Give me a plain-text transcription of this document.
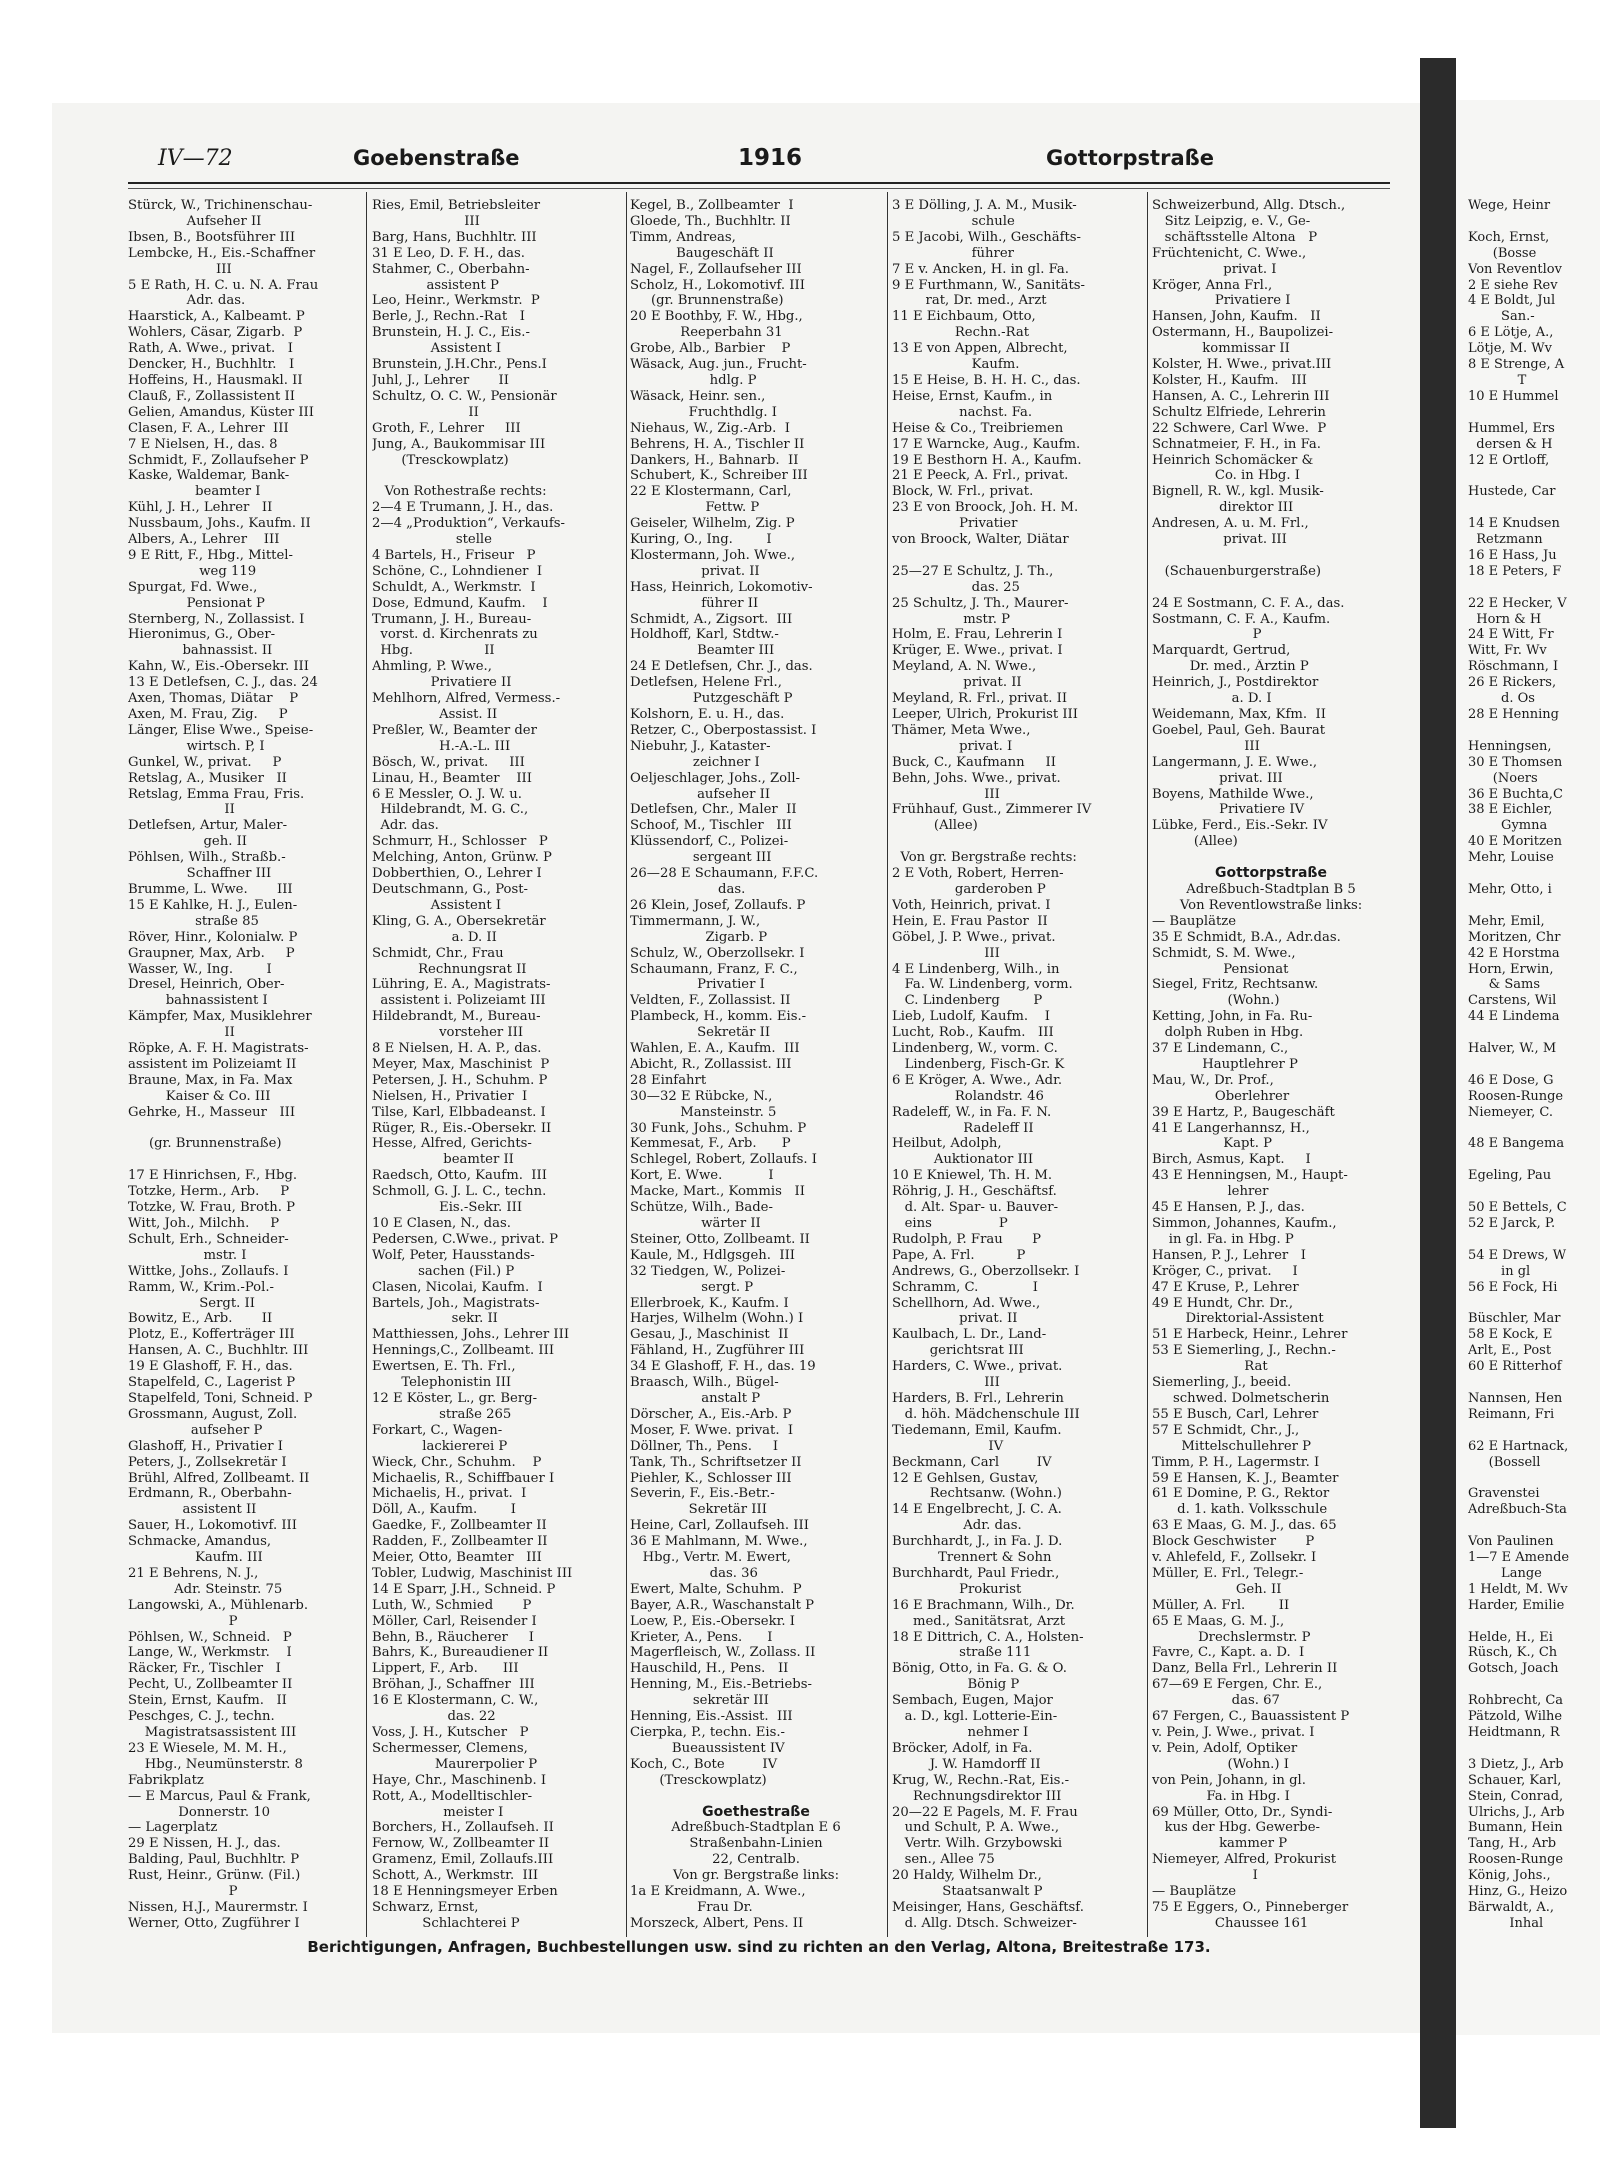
IV—72	Goebenstraße	1916	Gottorpstraße
Stürck, W., Trichinenschau-
Aufseher II
Ibsen, B., Bootsführer III
Lembcke, H., Eis.-Schaffner
III
5 E Rath, H. C. u. N. A. Frau
Adr. das.
Haarstick, A., Kalbeamt. P
Wohlers, Cäsar, Zigarb.  P
Rath, A. Wwe., privat.   I
Dencker, H., Buchhltr.   I
Hoffeins, H., Hausmakl. II
Clauß, F., Zollassistent II
Gelien, Amandus, Küster III
Clasen, F. A., Lehrer  III
7 E Nielsen, H., das. 8
Schmidt, F., Zollaufseher P
Kaske, Waldemar, Bank-
beamter I
Kühl, J. H., Lehrer   II
Nussbaum, Johs., Kaufm. II
Albers, A., Lehrer    III
9 E Ritt, F., Hbg., Mittel-
weg 119
Spurgat, Fd. Wwe.,
Pensionat P
Sternberg, N., Zollassist. I
Hieronimus, G., Ober-
bahnassist. II
Kahn, W., Eis.-Obersekr. III
13 E Detlefsen, C. J., das. 24
Axen, Thomas, Diätar    P
Axen, M. Frau, Zig.     P
Länger, Elise Wwe., Speise-
wirtsch. P, I
Gunkel, W., privat.     P
Retslag, A., Musiker   II
Retslag, Emma Frau, Fris.
II
Detlefsen, Artur, Maler-
geh. II
Pöhlsen, Wilh., Straßb.-
Schaffner III
Brumme, L. Wwe.       III
15 E Kahlke, H. J., Eulen-
straße 85
Röver, Hinr., Kolonialw. P
Graupner, Max, Arb.     P
Wasser, W., Ing.        I
Dresel, Heinrich, Ober-
bahnassistent I
Kämpfer, Max, Musiklehrer
II
Röpke, A. F. H. Magistrats-
assistent im Polizeiamt II
Braune, Max, in Fa. Max
Kaiser & Co. III
Gehrke, H., Masseur   III

(gr. Brunnenstraße)

17 E Hinrichsen, F., Hbg.
Totzke, Herm., Arb.     P
Totzke, W. Frau, Broth. P
Witt, Joh., Milchh.     P
Schult, Erh., Schneider-
mstr. I
Wittke, Johs., Zollaufs. I
Ramm, W., Krim.-Pol.-
Sergt. II
Bowitz, E., Arb.       II
Plotz, E., Kofferträger III
Hansen, A. C., Buchhltr. III
19 E Glashoff, F. H., das.
Stapelfeld, C., Lagerist P
Stapelfeld, Toni, Schneid. P
Grossmann, August, Zoll.
aufseher P
Glashoff, H., Privatier I
Peters, J., Zollsekretär I
Brühl, Alfred, Zollbeamt. II
Erdmann, R., Oberbahn-
assistent II
Sauer, H., Lokomotivf. III
Schmacke, Amandus,
Kaufm. III
21 E Behrens, N. J.,
Adr. Steinstr. 75
Langowski, A., Mühlenarb.
P
Pöhlsen, W., Schneid.   P
Lange, W., Werkmstr.    I
Räcker, Fr., Tischler   I
Pecht, U., Zollbeamter II
Stein, Ernst, Kaufm.   II
Peschges, C. J., techn.
Magistratsassistent III
23 E Wiesele, M. M. H.,
Hbg., Neumünsterstr. 8
Fabrikplatz
— E Marcus, Paul & Frank,
Donnerstr. 10
— Lagerplatz
29 E Nissen, H. J., das.
Balding, Paul, Buchhltr. P
Rust, Heinr., Grünw. (Fil.)
P
Nissen, H.J., Maurermstr. I
Werner, Otto, Zugführer I
Ries, Emil, Betriebsleiter
III
Barg, Hans, Buchhltr. III
31 E Leo, D. F. H., das.
Stahmer, C., Oberbahn-
assistent P
Leo, Heinr., Werkmstr.  P
Berle, J., Rechn.-Rat   I
Brunstein, H. J. C., Eis.-
Assistent I
Brunstein, J.H.Chr., Pens.I
Juhl, J., Lehrer       II
Schultz, O. C. W., Pensionär
II
Groth, F., Lehrer     III
Jung, A., Baukommisar III
(Tresckowplatz)

Von Rothestraße rechts:
2—4 E Trumann, J. H., das.
2—4 „Produktion“, Verkaufs-
stelle
4 Bartels, H., Friseur   P
Schöne, C., Lohndiener  I
Schuldt, A., Werkmstr.  I
Dose, Edmund, Kaufm.    I
Trumann, J. H., Bureau-
vorst. d. Kirchenrats zu
Hbg.                 II
Ahmling, P. Wwe.,
Privatiere II
Mehlhorn, Alfred, Vermess.-
Assist. II
Preßler, W., Beamter der
H.-A.-L. III
Bösch, W., privat.     III
Linau, H., Beamter    III
6 E Messler, O. J. W. u.
Hildebrandt, M. G. C.,
Adr. das.
Schmurr, H., Schlosser   P
Melching, Anton, Grünw. P
Dobberthien, O., Lehrer I
Deutschmann, G., Post-
Assistent I
Kling, G. A., Obersekretär
a. D. II
Schmidt, Chr., Frau
Rechnungsrat II
Lühring, E. A., Magistrats-
assistent i. Polizeiamt III
Hildebrandt, M., Bureau-
vorsteher III
8 E Nielsen, H. A. P., das.
Meyer, Max, Maschinist  P
Petersen, J. H., Schuhm. P
Nielsen, H., Privatier  I
Tilse, Karl, Elbbadeanst. I
Rüger, R., Eis.-Obersekr. II
Hesse, Alfred, Gerichts-
beamter II
Raedsch, Otto, Kaufm.  III
Schmoll, G. J. L. C., techn.
Eis.-Sekr. III
10 E Clasen, N., das.
Pedersen, C.Wwe., privat. P
Wolf, Peter, Hausstands-
sachen (Fil.) P
Clasen, Nicolai, Kaufm.  I
Bartels, Joh., Magistrats-
sekr. II
Matthiessen, Johs., Lehrer III
Hennings,C., Zollbeamt. III
Ewertsen, E. Th. Frl.,
Telephonistin III
12 E Köster, L., gr. Berg-
straße 265
Forkart, C., Wagen-
lackiererei P
Wieck, Chr., Schuhm.    P
Michaelis, R., Schiffbauer I
Michaelis, H., privat.  I
Döll, A., Kaufm.        I
Gaedke, F., Zollbeamter II
Radden, F., Zollbeamter II
Meier, Otto, Beamter   III
Tobler, Ludwig, Maschinist III
14 E Sparr, J.H., Schneid. P
Luth, W., Schmied       P
Möller, Carl, Reisender I
Behn, B., Räucherer     I
Bahrs, K., Bureaudiener II
Lippert, F., Arb.      III
Bröhan, J., Schaffner  III
16 E Klostermann, C. W.,
das. 22
Voss, J. H., Kutscher   P
Schermesser, Clemens,
Maurerpolier P
Haye, Chr., Maschinenb. I
Rott, A., Modelltischler-
meister I
Borchers, H., Zollaufseh. II
Fernow, W., Zollbeamter II
Gramenz, Emil, Zollaufs.III
Schott, A., Werkmstr.  III
18 E Henningsmeyer Erben
Schwarz, Ernst,
Schlachterei P
Kegel, B., Zollbeamter  I
Gloede, Th., Buchhltr. II
Timm, Andreas,
Baugeschäft II
Nagel, F., Zollaufseher III
Scholz, H., Lokomotivf. III
(gr. Brunnenstraße)
20 E Boothby, F. W., Hbg.,
Reeperbahn 31
Grobe, Alb., Barbier    P
Wäsack, Aug. jun., Frucht-
hdlg. P
Wäsack, Heinr. sen.,
Fruchthdlg. I
Niehaus, W., Zig.-Arb.  I
Behrens, H. A., Tischler II
Dankers, H., Bahnarb.  II
Schubert, K., Schreiber III
22 E Klostermann, Carl,
Fettw. P
Geiseler, Wilhelm, Zig. P
Kuring, O., Ing.        I
Klostermann, Joh. Wwe.,
privat. II
Hass, Heinrich, Lokomotiv-
führer II
Schmidt, A., Zigsort.  III
Holdhoff, Karl, Stdtw.-
Beamter III
24 E Detlefsen, Chr. J., das.
Detlefsen, Helene Frl.,
Putzgeschäft P
Kolshorn, E. u. H., das.
Retzer, C., Oberpostassist. I
Niebuhr, J., Kataster-
zeichner I
Oeljeschlager, Johs., Zoll-
aufseher II
Detlefsen, Chr., Maler  II
Schoof, M., Tischler   III
Klüssendorf, C., Polizei-
sergeant III
26—28 E Schaumann, F.F.C.
das.
26 Klein, Josef, Zollaufs. P
Timmermann, J. W.,
Zigarb. P
Schulz, W., Oberzollsekr. I
Schaumann, Franz, F. C.,
Privatier I
Veldten, F., Zollassist. II
Plambeck, H., komm. Eis.-
Sekretär II
Wahlen, E. A., Kaufm.  III
Abicht, R., Zollassist. III
28 Einfahrt
30—32 E Rübcke, N.,
Mansteinstr. 5
30 Funk, Johs., Schuhm. P
Kemmesat, F., Arb.      P
Schlegel, Robert, Zollaufs. I
Kort, E. Wwe.           I
Macke, Mart., Kommis   II
Schütze, Wilh., Bade-
wärter II
Steiner, Otto, Zollbeamt. II
Kaule, M., Hdlgsgeh.  III
32 Tiedgen, W., Polizei-
sergt. P
Ellerbroek, K., Kaufm. I
Harjes, Wilhelm (Wohn.) I
Gesau, J., Maschinist  II
Fähland, H., Zugführer III
34 E Glashoff, F. H., das. 19
Braasch, Wilh., Bügel-
anstalt P
Dörscher, A., Eis.-Arb. P
Moser, F. Wwe. privat.  I
Döllner, Th., Pens.     I
Tank, Th., Schriftsetzer II
Piehler, K., Schlosser III
Severin, F., Eis.-Betr.-
Sekretär III
Heine, Carl, Zollaufseh. III
36 E Mahlmann, M. Wwe.,
Hbg., Vertr. M. Ewert,
das. 36
Ewert, Malte, Schuhm.  P
Bayer, A.R., Waschanstalt P
Loew, P., Eis.-Obersekr. I
Krieter, A., Pens.      I
Magerfleisch, W., Zollass. II
Hauschild, H., Pens.   II
Henning, M., Eis.-Betriebs-
sekretär III
Henning, Eis.-Assist.  III
Cierpka, P., techn. Eis.-
Bueaussistent IV
Koch, C., Bote         IV
(Tresckowplatz)

Goethestraße
Adreßbuch-Stadtplan E 6
Straßenbahn-Linien
22, Centralb.
Von gr. Bergstraße links:
1a E Kreidmann, A. Wwe.,
Frau Dr.
Morszeck, Albert, Pens. II
3 E Dölling, J. A. M., Musik-
schule
5 E Jacobi, Wilh., Geschäfts-
führer
7 E v. Ancken, H. in gl. Fa.
9 E Furthmann, W., Sanitäts-
rat, Dr. med., Arzt
11 E Eichbaum, Otto,
Rechn.-Rat
13 E von Appen, Albrecht,
Kaufm.
15 E Heise, B. H. H. C., das.
Heise, Ernst, Kaufm., in
nachst. Fa.
Heise & Co., Treibriemen
17 E Warncke, Aug., Kaufm.
19 E Besthorn H. A., Kaufm.
21 E Peeck, A. Frl., privat.
Block, W. Frl., privat.
23 E von Broock, Joh. H. M.
Privatier
von Broock, Walter, Diätar

25—27 E Schultz, J. Th.,
das. 25
25 Schultz, J. Th., Maurer-
mstr. P
Holm, E. Frau, Lehrerin I
Krüger, E. Wwe., privat. I
Meyland, A. N. Wwe.,
privat. II
Meyland, R. Frl., privat. II
Leeper, Ulrich, Prokurist III
Thämer, Meta Wwe.,
privat. I
Buck, C., Kaufmann     II
Behn, Johs. Wwe., privat.
III
Frühhauf, Gust., Zimmerer IV
(Allee)

Von gr. Bergstraße rechts:
2 E Voth, Robert, Herren-
garderoben P
Voth, Heinrich, privat. I
Hein, E. Frau Pastor  II
Göbel, J. P. Wwe., privat.
III
4 E Lindenberg, Wilh., in
Fa. W. Lindenberg, vorm.
C. Lindenberg        P
Lieb, Ludolf, Kaufm.    I
Lucht, Rob., Kaufm.   III
Lindenberg, W., vorm. C.
Lindenberg, Fisch-Gr. K
6 E Kröger, A. Wwe., Adr.
Rolandstr. 46
Radeleff, W., in Fa. F. N.
Radeleff II
Heilbut, Adolph,
Auktionator III
10 E Kniewel, Th. H. M.
Röhrig, J. H., Geschäftsf.
d. Alt. Spar- u. Bauver-
eins                P
Rudolph, P. Frau       P
Pape, A. Frl.          P
Andrews, G., Oberzollsekr. I
Schramm, C.             I
Schellhorn, Ad. Wwe.,
privat. II
Kaulbach, L. Dr., Land-
gerichtsrat III
Harders, C. Wwe., privat.
III
Harders, B. Frl., Lehrerin
d. höh. Mädchenschule III
Tiedemann, Emil, Kaufm.
IV
Beckmann, Carl         IV
12 E Gehlsen, Gustav,
Rechtsanw. (Wohn.)
14 E Engelbrecht, J. C. A.
Adr. das.
Burchhardt, J., in Fa. J. D.
Trennert & Sohn
Burchhardt, Paul Friedr.,
Prokurist
16 E Brachmann, Wilh., Dr.
med., Sanitätsrat, Arzt
18 E Dittrich, C. A., Holsten-
straße 111
Bönig, Otto, in Fa. G. & O.
Bönig P
Sembach, Eugen, Major
a. D., kgl. Lotterie-Ein-
nehmer I
Bröcker, Adolf, in Fa.
J. W. Hamdorff II
Krug, W., Rechn.-Rat, Eis.-
Rechnungsdirektor III
20—22 E Pagels, M. F. Frau
und Schult, P. A. Wwe.,
Vertr. Wilh. Grzybowski
sen., Allee 75
20 Haldy, Wilhelm Dr.,
Staatsanwalt P
Meisinger, Hans, Geschäftsf.
d. Allg. Dtsch. Schweizer-
Schweizerbund, Allg. Dtsch.,
Sitz Leipzig, e. V., Ge-
schäftsstelle Altona   P
Früchtenicht, C. Wwe.,
privat. I
Kröger, Anna Frl.,
Privatiere I
Hansen, John, Kaufm.   II
Ostermann, H., Baupolizei-
kommissar II
Kolster, H. Wwe., privat.III
Kolster, H., Kaufm.   III
Hansen, A. C., Lehrerin III
Schultz Elfriede, Lehrerin
22 Schwere, Carl Wwe.  P
Schnatmeier, F. H., in Fa.
Heinrich Schomäcker &
Co. in Hbg. I
Bignell, R. W., kgl. Musik-
direktor III
Andresen, A. u. M. Frl.,
privat. III

(Schauenburgerstraße)

24 E Sostmann, C. F. A., das.
Sostmann, C. F. A., Kaufm.
P
Marquardt, Gertrud,
Dr. med., Ärztin P
Heinrich, J., Postdirektor
a. D. I
Weidemann, Max, Kfm.  II
Goebel, Paul, Geh. Baurat
III
Langermann, J. E. Wwe.,
privat. III
Boyens, Mathilde Wwe.,
Privatiere IV
Lübke, Ferd., Eis.-Sekr. IV
(Allee)

Gottorpstraße
Adreßbuch-Stadtplan B 5
Von Reventlowstraße links:
— Bauplätze
35 E Schmidt, B.A., Adr.das.
Schmidt, S. M. Wwe.,
Pensionat
Siegel, Fritz, Rechtsanw.
(Wohn.)
Ketting, John, in Fa. Ru-
dolph Ruben in Hbg.
37 E Lindemann, C.,
Hauptlehrer P
Mau, W., Dr. Prof.,
Oberlehrer
39 E Hartz, P., Baugeschäft
41 E Langerhannsz, H.,
Kapt. P
Birch, Asmus, Kapt.     I
43 E Henningsen, M., Haupt-
lehrer
45 E Hansen, P. J., das.
Simmon, Johannes, Kaufm.,
in gl. Fa. in Hbg. P
Hansen, P. J., Lehrer   I
Kröger, C., privat.     I
47 E Kruse, P., Lehrer
49 E Hundt, Chr. Dr.,
Direktorial-Assistent
51 E Harbeck, Heinr., Lehrer
53 E Siemerling, J., Rechn.-
Rat
Siemerling, J., beeid.
schwed. Dolmetscherin
55 E Busch, Carl, Lehrer
57 E Schmidt, Chr., J.,
Mittelschullehrer P
Timm, P. H., Lagermstr. I
59 E Hansen, K. J., Beamter
61 E Domine, P. G., Rektor
d. 1. kath. Volksschule
63 E Maas, G. M. J., das. 65
Block Geschwister       P
v. Ahlefeld, F., Zollsekr. I
Müller, E. Frl., Telegr.-
Geh. II
Müller, A. Frl.        II
65 E Maas, G. M. J.,
Drechslermstr. P
Favre, C., Kapt. a. D.  I
Danz, Bella Frl., Lehrerin II
67—69 E Fergen, Chr. E.,
das. 67
67 Fergen, C., Bauassistent P
v. Pein, J. Wwe., privat. I
v. Pein, Adolf, Optiker
(Wohn.) I
von Pein, Johann, in gl.
Fa. in Hbg. I
69 Müller, Otto, Dr., Syndi-
kus der Hbg. Gewerbe-
kammer P
Niemeyer, Alfred, Prokurist
I
— Bauplätze
75 E Eggers, O., Pinneberger
Chaussee 161
Berichtigungen, Anfragen, Buchbestellungen usw. sind zu richten an den Verlag, Altona, Breitestraße 173.
Wege, Heinr

Koch, Ernst,
(Bosse
Von Reventlov
2 E siehe Rev
4 E Boldt, Jul
San.-
6 E Lötje, A.,
Lötje, M. Wv
8 E Strenge, A
T
10 E Hummel

Hummel, Ers
dersen & H
12 E Ortloff,

Hustede, Car

14 E Knudsen
Retzmann
16 E Hass, Ju
18 E Peters, F

22 E Hecker, V
Horn & H
24 E Witt, Fr
Witt, Fr. Wv
Röschmann, I
26 E Rickers,
d. Os
28 E Henning

Henningsen,
30 E Thomsen
(Noers
36 E Buchta,C
38 E Eichler,
Gymna
40 E Moritzen
Mehr, Louise

Mehr, Otto, i

Mehr, Emil,
Moritzen, Chr
42 E Horstma
Horn, Erwin,
& Sams
Carstens, Wil
44 E Lindema

Halver, W., M

46 E Dose, G
Roosen-Runge
Niemeyer, C.

48 E Bangema

Egeling, Pau

50 E Bettels, C
52 E Jarck, P.

54 E Drews, W
in gl
56 E Fock, Hi

Büschler, Mar
58 E Kock, E
Arlt, E., Post
60 E Ritterhof

Nannsen, Hen
Reimann, Fri

62 E Hartnack,
(Bossell

Gravenstei
Adreßbuch-Sta

Von Paulinen
1—7 E Amende
Lange
1 Heldt, M. Wv
Harder, Emilie

Helde, H., Ei
Rüsch, K., Ch
Gotsch, Joach

Rohbrecht, Ca
Pätzold, Wilhe
Heidtmann, R

3 Dietz, J., Arb
Schauer, Karl,
Stein, Conrad,
Ulrichs, J., Arb
Bumann, Hein
Tang, H., Arb
Roosen-Runge
König, Johs.,
Hinz, G., Heizo
Bärwaldt, A.,
Inhal
